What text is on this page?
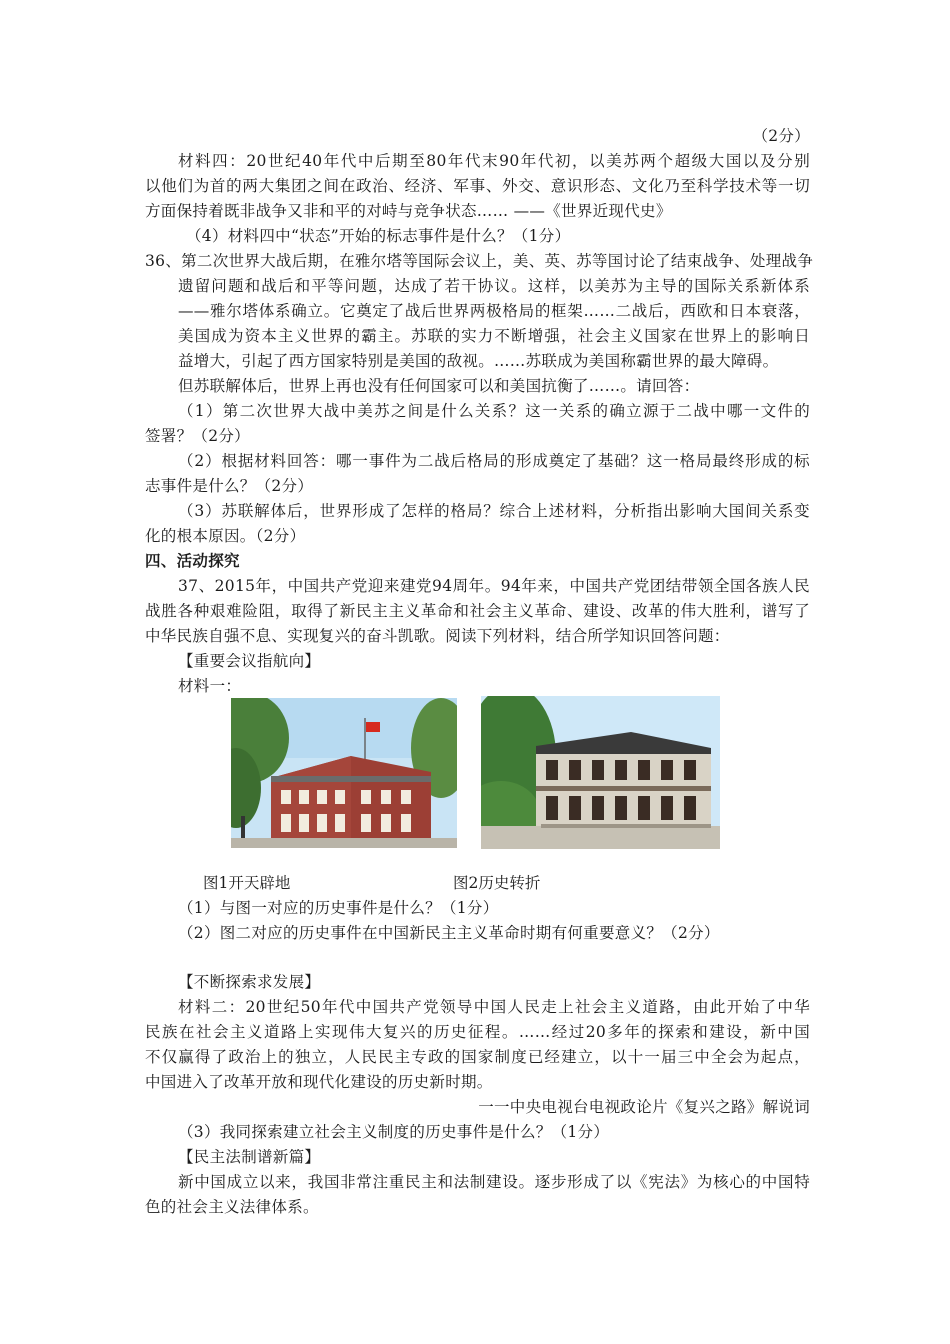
（2分）
材料四：20世纪40年代中后期至80年代末90年代初，以美苏两个超级大国以及分别
以他们为首的两大集团之间在政治、经济、军事、外交、意识形态、文化乃至科学技术等一切
方面保持着既非战争又非和平的对峙与竞争状态…… ——《世界近现代史》
（4）材料四中“状态”开始的标志事件是什么？（1分）
36、第二次世界大战后期，在雅尔塔等国际会议上，美、英、苏等国讨论了结束战争、处理战争
遗留问题和战后和平等问题，达成了若干协议。这样，以美苏为主导的国际关系新体系
——雅尔塔体系确立。它奠定了战后世界两极格局的框架……二战后，西欧和日本衰落，
美国成为资本主义世界的霸主。苏联的实力不断增强，社会主义国家在世界上的影响日
益增大，引起了西方国家特别是美国的敌视。……苏联成为美国称霸世界的最大障碍。
但苏联解体后，世界上再也没有任何国家可以和美国抗衡了……。请回答：
（1）第二次世界大战中美苏之间是什么关系？这一关系的确立源于二战中哪一文件的
签署？（2分）
（2）根据材料回答：哪一事件为二战后格局的形成奠定了基础？这一格局最终形成的标
志事件是什么？（2分）
（3）苏联解体后，世界形成了怎样的格局？综合上述材料，分析指出影响大国间关系变
化的根本原因。（2分）
四、活动探究
37、2015年，中国共产党迎来建党94周年。94年来，中国共产党团结带领全国各族人民
战胜各种艰难险阻，取得了新民主主义革命和社会主义革命、建设、改革的伟大胜利，谱写了
中华民族自强不息、实现复兴的奋斗凯歌。阅读下列材料，结合所学知识回答问题：
【重要会议指航向】
材料一：
图1开天辟地	图2历史转折
（1）与图一对应的历史事件是什么？（1分）
（2）图二对应的历史事件在中国新民主主义革命时期有何重要意义？（2分）
【不断探索求发展】
材料二：20世纪50年代中国共产党领导中国人民走上社会主义道路，由此开始了中华
民族在社会主义道路上实现伟大复兴的历史征程。……经过20多年的探索和建设，新中国
不仅赢得了政治上的独立，人民民主专政的国家制度已经建立，以十一届三中全会为起点，
中国进入了改革开放和现代化建设的历史新时期。
一一中央电视台电视政论片《复兴之路》解说词
（3）我同探索建立社会主义制度的历史事件是什么？（1分）
【民主法制谱新篇】
新中国成立以来，我国非常注重民主和法制建设。逐步形成了以《宪法》为核心的中国特
色的社会主义法律体系。
